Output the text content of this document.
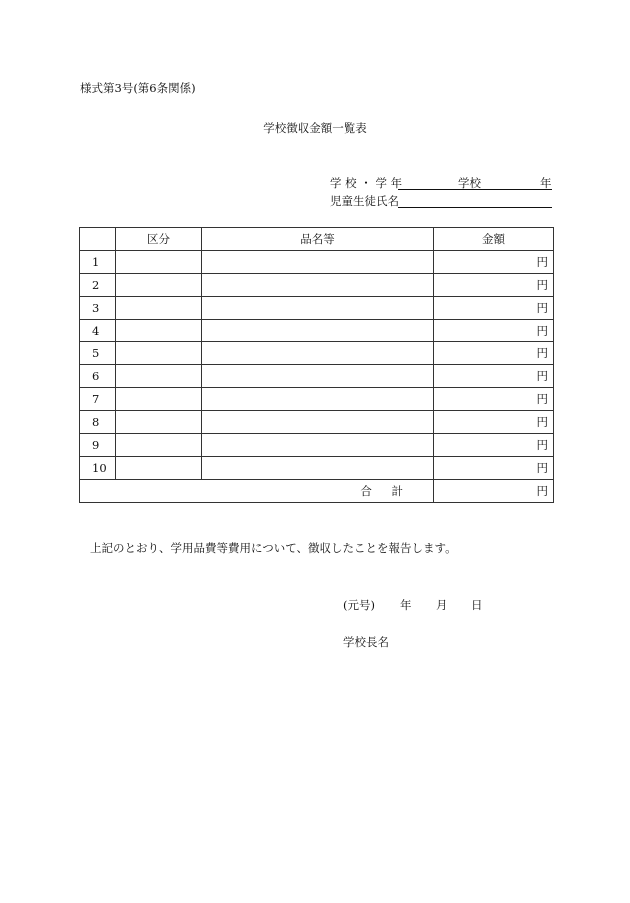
様式第3号(第6条関係)
学校徴収金額一覧表
学 校 ・ 学 年	学校	年
児童生徒氏名
	区分	品名等	金額
1			円
2			円
3			円
4			円
5			円
6			円
7			円
8			円
9			円
10			円
合 計			円
上記のとおり、学用品費等費用について、徴収したことを報告します。
(元号) 年 月 日
学校長名
